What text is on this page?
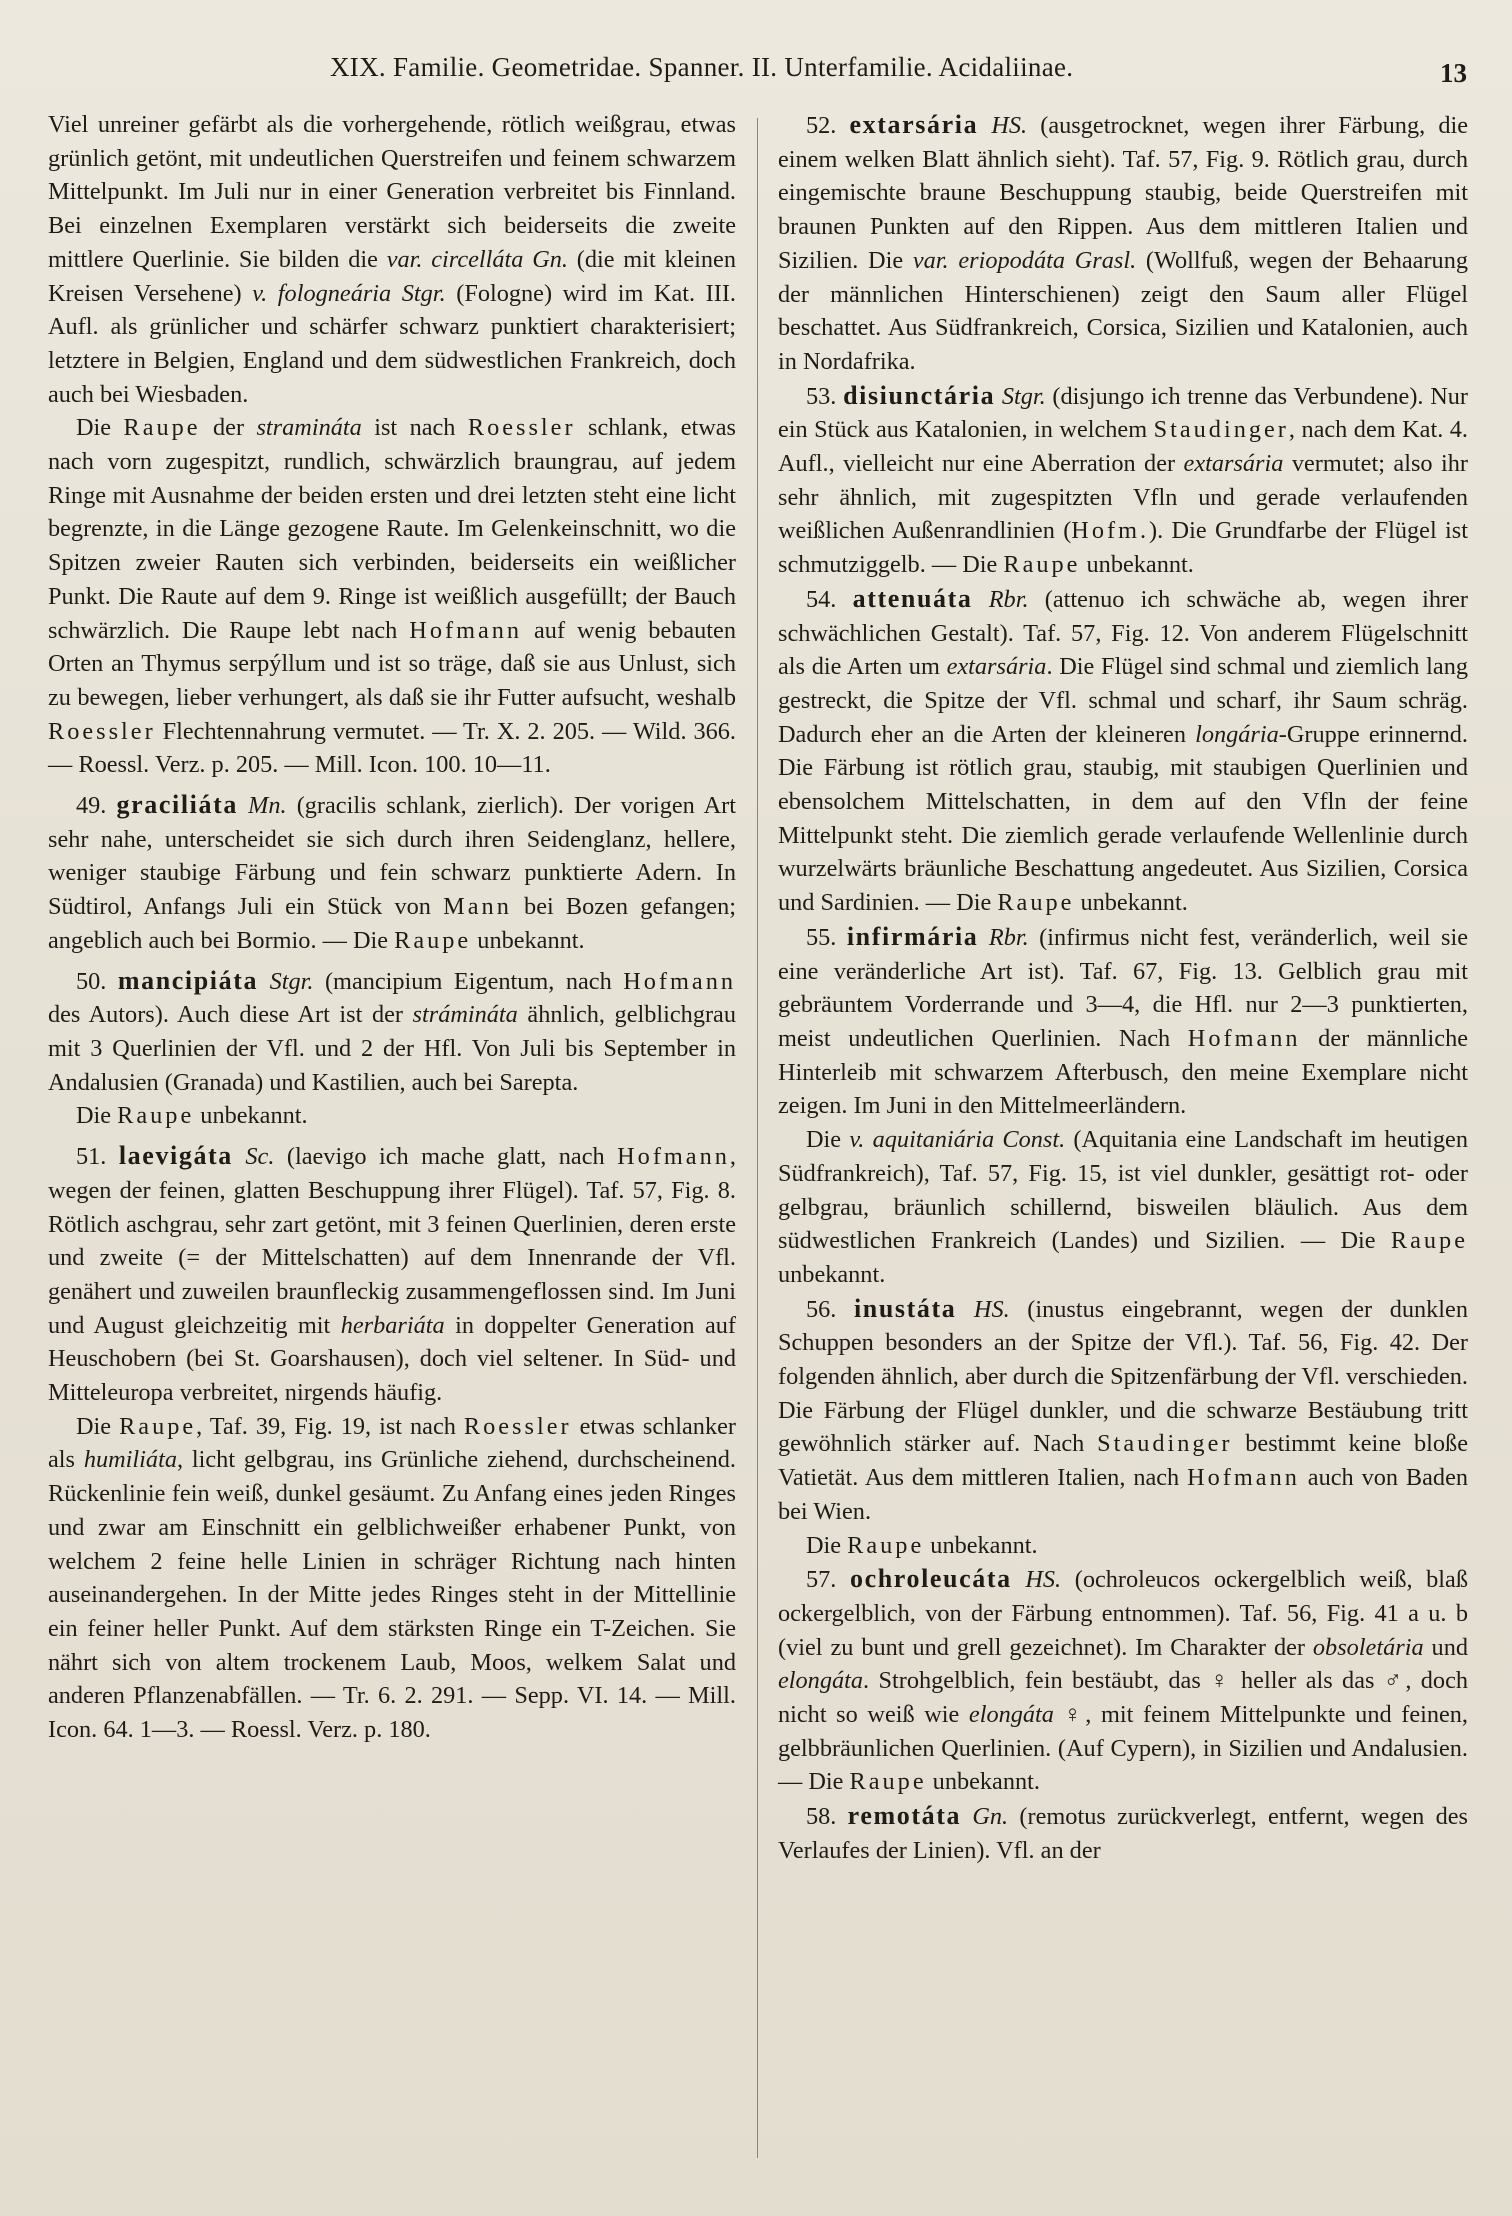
XIX. Familie. Geometridae. Spanner. II. Unterfamilie. Acidaliinae.	13

Viel unreiner gefärbt als die vorhergehende, rötlich weißgrau, etwas grünlich getönt, mit undeutlichen Querstreifen und feinem schwarzem Mittelpunkt. Im Juli nur in einer Generation verbreitet bis Finnland. Bei einzelnen Exemplaren verstärkt sich beiderseits die zweite mittlere Querlinie. Sie bilden die var. circelláta Gn. (die mit kleinen Kreisen Versehene) v. fologneária Stgr. (Fologne) wird im Kat. III. Aufl. als grünlicher und schärfer schwarz punktiert charakterisiert; letztere in Belgien, England und dem südwestlichen Frankreich, doch auch bei Wiesbaden.

Die Raupe der stramináta ist nach Roessler schlank, etwas nach vorn zugespitzt, rundlich, schwärzlich braungrau, auf jedem Ringe mit Ausnahme der beiden ersten und drei letzten steht eine licht begrenzte, in die Länge gezogene Raute. Im Gelenkeinschnitt, wo die Spitzen zweier Rauten sich verbinden, beiderseits ein weißlicher Punkt. Die Raute auf dem 9. Ringe ist weißlich ausgefüllt; der Bauch schwärzlich. Die Raupe lebt nach Hofmann auf wenig bebauten Orten an Thymus serpýllum und ist so träge, daß sie aus Unlust, sich zu bewegen, lieber verhungert, als daß sie ihr Futter aufsucht, weshalb Roessler Flechtennahrung vermutet. — Tr. X. 2. 205. — Wild. 366. — Roessl. Verz. p. 205. — Mill. Icon. 100. 10—11.

49. graciliáta Mn. (gracilis schlank, zierlich). Der vorigen Art sehr nahe, unterscheidet sie sich durch ihren Seidenglanz, hellere, weniger staubige Färbung und fein schwarz punktierte Adern. In Südtirol, Anfangs Juli ein Stück von Mann bei Bozen gefangen; angeblich auch bei Bormio. — Die Raupe unbekannt.

50. mancipiáta Stgr. (mancipium Eigentum, nach Hofmann des Autors). Auch diese Art ist der strámináta ähnlich, gelblichgrau mit 3 Querlinien der Vfl. und 2 der Hfl. Von Juli bis September in Andalusien (Granada) und Kastilien, auch bei Sarepta.

Die Raupe unbekannt.

51. laevigáta Sc. (laevigo ich mache glatt, nach Hofmann, wegen der feinen, glatten Beschuppung ihrer Flügel). Taf. 57, Fig. 8. Rötlich aschgrau, sehr zart getönt, mit 3 feinen Querlinien, deren erste und zweite (= der Mittelschatten) auf dem Innenrande der Vfl. genähert und zuweilen braunfleckig zusammengeflossen sind. Im Juni und August gleichzeitig mit herbariáta in doppelter Generation auf Heuschobern (bei St. Goarshausen), doch viel seltener. In Süd- und Mitteleuropa verbreitet, nirgends häufig.

Die Raupe, Taf. 39, Fig. 19, ist nach Roessler etwas schlanker als humiliáta, licht gelbgrau, ins Grünliche ziehend, durchscheinend. Rückenlinie fein weiß, dunkel gesäumt. Zu Anfang eines jeden Ringes und zwar am Einschnitt ein gelblichweißer erhabener Punkt, von welchem 2 feine helle Linien in schräger Richtung nach hinten auseinandergehen. In der Mitte jedes Ringes steht in der Mittellinie ein feiner heller Punkt. Auf dem stärksten Ringe ein T-Zeichen. Sie nährt sich von altem trockenem Laub, Moos, welkem Salat und anderen Pflanzenabfällen. — Tr. 6. 2. 291. — Sepp. VI. 14. — Mill. Icon. 64. 1—3. — Roessl. Verz. p. 180.

52. extarsária HS. (ausgetrocknet, wegen ihrer Färbung, die einem welken Blatt ähnlich sieht). Taf. 57, Fig. 9. Rötlich grau, durch eingemischte braune Beschuppung staubig, beide Querstreifen mit braunen Punkten auf den Rippen. Aus dem mittleren Italien und Sizilien. Die var. eriopodáta Grasl. (Wollfuß, wegen der Behaarung der männlichen Hinterschienen) zeigt den Saum aller Flügel beschattet. Aus Südfrankreich, Corsica, Sizilien und Katalonien, auch in Nordafrika.

53. disiunctária Stgr. (disjungo ich trenne das Verbundene). Nur ein Stück aus Katalonien, in welchem Staudinger, nach dem Kat. 4. Aufl., vielleicht nur eine Aberration der extarsária vermutet; also ihr sehr ähnlich, mit zugespitzten Vfln und gerade verlaufenden weißlichen Außenrandlinien (Hofm.). Die Grundfarbe der Flügel ist schmutziggelb. — Die Raupe unbekannt.

54. attenuáta Rbr. (attenuo ich schwäche ab, wegen ihrer schwächlichen Gestalt). Taf. 57, Fig. 12. Von anderem Flügelschnitt als die Arten um extarsária. Die Flügel sind schmal und ziemlich lang gestreckt, die Spitze der Vfl. schmal und scharf, ihr Saum schräg. Dadurch eher an die Arten der kleineren longária-Gruppe erinnernd. Die Färbung ist rötlich grau, staubig, mit staubigen Querlinien und ebensolchem Mittelschatten, in dem auf den Vfln der feine Mittelpunkt steht. Die ziemlich gerade verlaufende Wellenlinie durch wurzelwärts bräunliche Beschattung angedeutet. Aus Sizilien, Corsica und Sardinien. — Die Raupe unbekannt.

55. infirmária Rbr. (infirmus nicht fest, veränderlich, weil sie eine veränderliche Art ist). Taf. 67, Fig. 13. Gelblich grau mit gebräuntem Vorderrande und 3—4, die Hfl. nur 2—3 punktierten, meist undeutlichen Querlinien. Nach Hofmann der männliche Hinterleib mit schwarzem Afterbusch, den meine Exemplare nicht zeigen. Im Juni in den Mittelmeerländern.

Die v. aquitaniária Const. (Aquitania eine Landschaft im heutigen Südfrankreich), Taf. 57, Fig. 15, ist viel dunkler, gesättigt rot- oder gelbgrau, bräunlich schillernd, bisweilen bläulich. Aus dem südwestlichen Frankreich (Landes) und Sizilien. — Die Raupe unbekannt.

56. inustáta HS. (inustus eingebrannt, wegen der dunklen Schuppen besonders an der Spitze der Vfl.). Taf. 56, Fig. 42. Der folgenden ähnlich, aber durch die Spitzenfärbung der Vfl. verschieden. Die Färbung der Flügel dunkler, und die schwarze Bestäubung tritt gewöhnlich stärker auf. Nach Staudinger bestimmt keine bloße Vatietät. Aus dem mittleren Italien, nach Hofmann auch von Baden bei Wien.

Die Raupe unbekannt.

57. ochroleucáta HS. (ochroleucos ockergelblich weiß, blaß ockergelblich, von der Färbung entnommen). Taf. 56, Fig. 41 a u. b (viel zu bunt und grell gezeichnet). Im Charakter der obsoletária und elongáta. Strohgelblich, fein bestäubt, das ♀ heller als das ♂, doch nicht so weiß wie elongáta ♀, mit feinem Mittelpunkte und feinen, gelbbräunlichen Querlinien. (Auf Cypern), in Sizilien und Andalusien. — Die Raupe unbekannt.

58. remotáta Gn. (remotus zurückverlegt, entfernt, wegen des Verlaufes der Linien). Vfl. an der
